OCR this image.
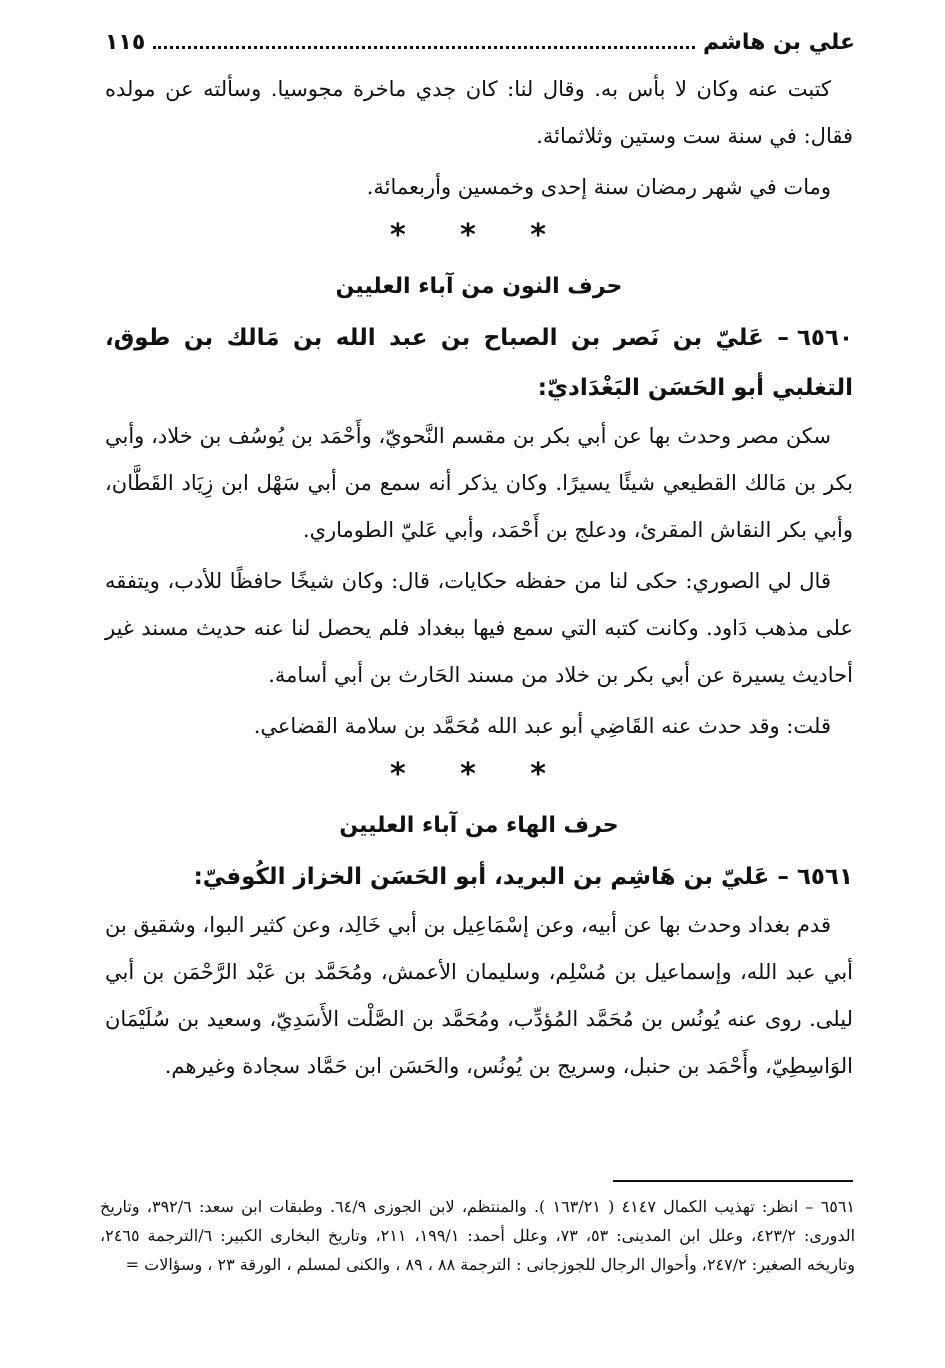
علي بن هاشم
١١٥

كتبت عنه وكان لا بأس به. وقال لنا: كان جدي ماخرة مجوسيا. وسألته عن مولده فقال: في سنة ست وستين وثلاثمائة.

ومات في شهر رمضان سنة إحدى وخمسين وأربعمائة.

* * *
حرف النون من آباء العليين
٦٥٦٠– عَليّ بن نَصر بن الصباح بن عبد الله بن مَالك بن طوق، التغلبي أبو الحَسَن البَغْدَاديّ:

سكن مصر وحدث بها عن أبي بكر بن مقسم النَّحويّ، وأَحْمَد بن يُوسُف بن خلاد، وأبي بكر بن مَالك القطيعي شيئًا يسيرًا. وكان يذكر أنه سمع من أبي سَهْل ابن زِيَاد القَطَّان، وأبي بكر النقاش المقرئ، ودعلج بن أَحْمَد، وأبي عَليّ الطوماري.

قال لي الصوري: حكى لنا من حفظه حكايات، قال: وكان شيخًا حافظًا للأدب، ويتفقه على مذهب دَاود. وكانت كتبه التي سمع فيها ببغداد فلم يحصل لنا عنه حديث مسند غير أحاديث يسيرة عن أبي بكر بن خلاد من مسند الحَارث بن أبي أسامة.

قلت: وقد حدث عنه القَاضِي أبو عبد الله مُحَمَّد بن سلامة القضاعي.

* * *
حرف الهاء من آباء العليين
٦٥٦١– عَليّ بن هَاشِم بن البريد، أبو الحَسَن الخزاز الكُوفيّ:

قدم بغداد وحدث بها عن أبيه، وعن إسْمَاعِيل بن أبي خَالِد، وعن كثير البوا، وشقيق بن أبي عبد الله، وإسماعيل بن مُسْلِم، وسليمان الأعمش، ومُحَمَّد بن عَبْد الرَّحْمَن بن أبي ليلى. روى عنه يُونُس بن مُحَمَّد المُؤدِّب، ومُحَمَّد بن الصَّلْت الأَسَدِيّ، وسعيد بن سُلَيْمَان الوَاسِطِيّ، وأَحْمَد بن حنبل، وسريج بن يُونُس، والحَسَن ابن حَمَّاد سجادة وغيرهم.

٦٥٦١ – انظر: تهذيب الكمال ٤١٤٧ ( ١٦٣/٢١ ). والمنتظم، لابن الجوزى ٦٤/٩. وطبقات ابن سعد: ٣٩٢/٦، وتاريخ الدورى: ٤٢٣/٢، وعلل ابن المدينى: ٥٣، ٧٣، وعلل أحمد: ١٩٩/١، ٢١١، وتاريخ البخارى الكبير: ٦/الترجمة ٢٤٦٥، وتاريخه الصغير: ٢٤٧/٢، وأحوال الرجال للجوزجانى : الترجمة ٨٨ ، ٨٩ ، والكنى لمسلم ، الورقة ٢٣ ، وسؤالات =
